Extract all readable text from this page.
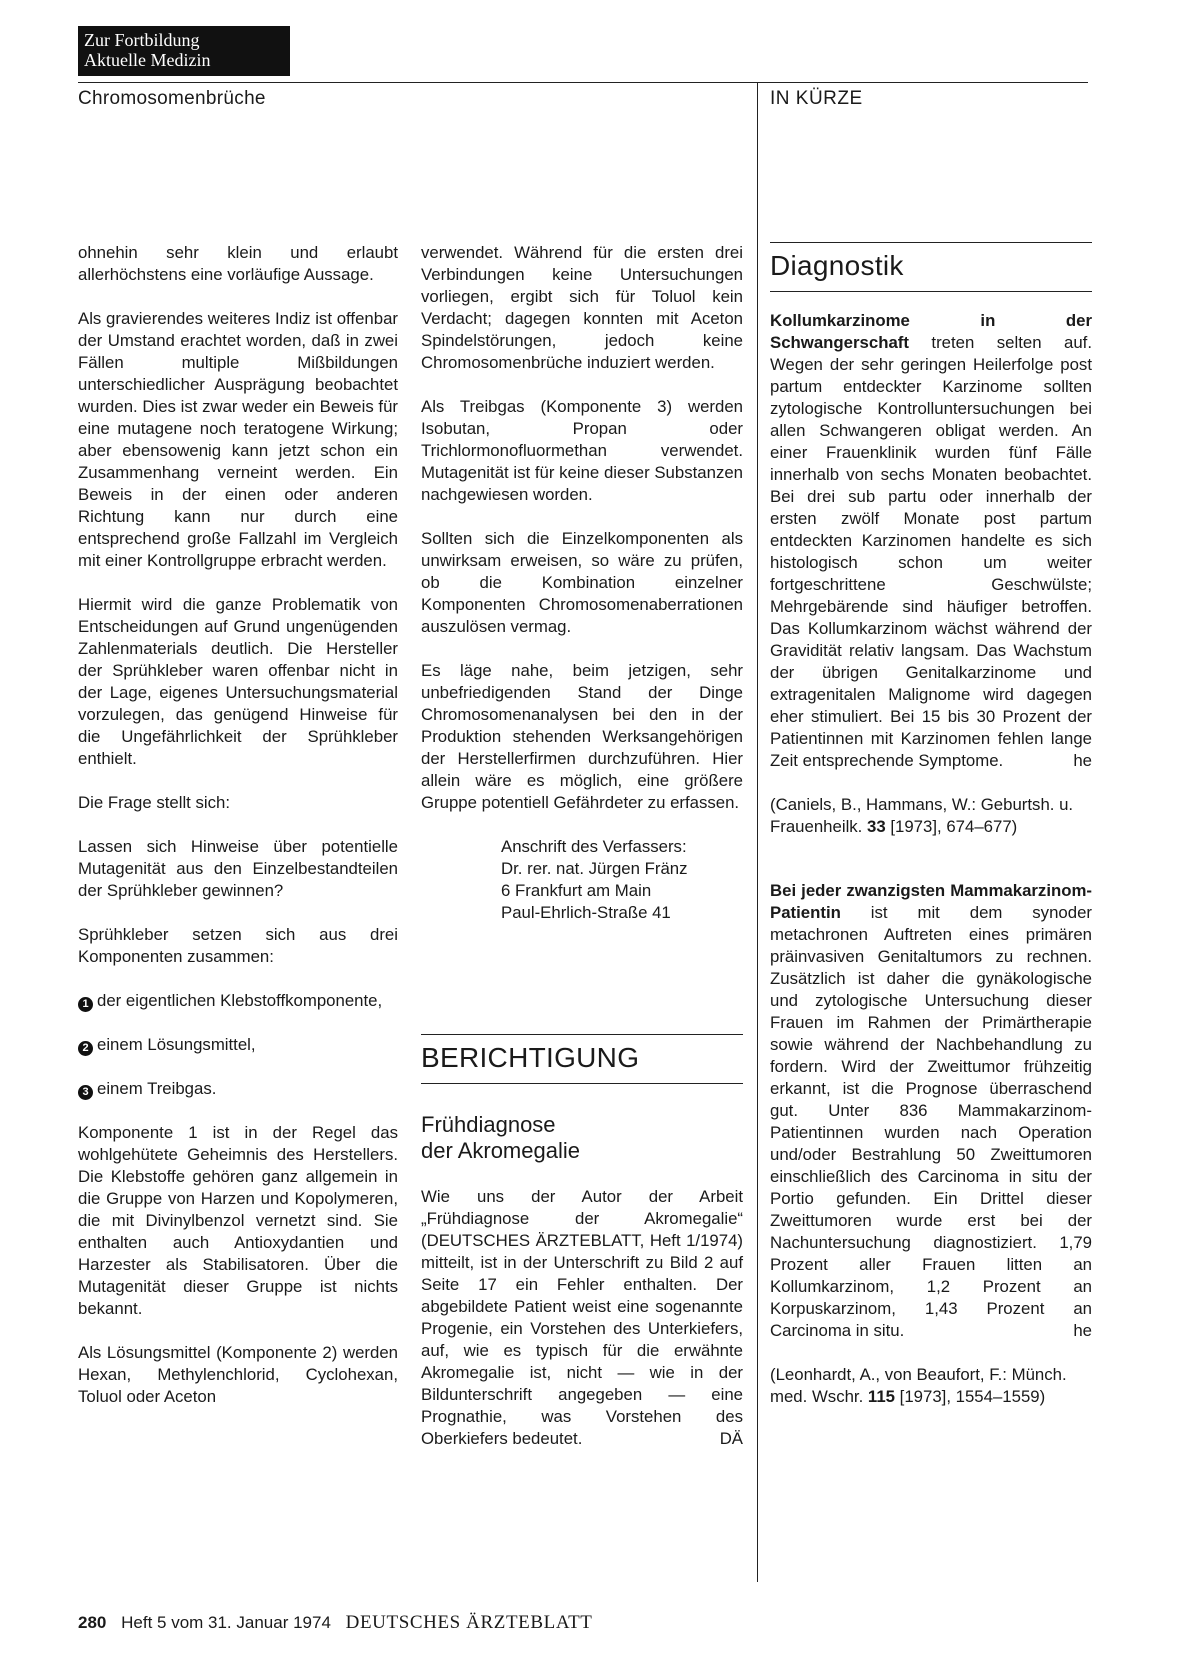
Zur Fortbildung
Aktuelle Medizin
Chromosomenbrüche	IN KÜRZE

ohnehin sehr klein und erlaubt allerhöchstens eine vorläufige Aussage.

Als gravierendes weiteres Indiz ist offenbar der Umstand erachtet worden, daß in zwei Fällen multiple Mißbildungen unterschiedlicher Ausprägung beobachtet wurden. Dies ist zwar weder ein Beweis für eine mutagene noch teratogene Wirkung; aber ebensowenig kann jetzt schon ein Zusammenhang verneint werden. Ein Beweis in der einen oder anderen Richtung kann nur durch eine entsprechend große Fallzahl im Vergleich mit einer Kontrollgruppe erbracht werden.

Hiermit wird die ganze Problematik von Entscheidungen auf Grund ungenügenden Zahlenmaterials deutlich. Die Hersteller der Sprühkleber waren offenbar nicht in der Lage, eigenes Untersuchungsmaterial vorzulegen, das genügend Hinweise für die Ungefährlichkeit der Sprühkleber enthielt.

Die Frage stellt sich:

Lassen sich Hinweise über potentielle Mutagenität aus den Einzelbestandteilen der Sprühkleber gewinnen?

Sprühkleber setzen sich aus drei Komponenten zusammen:

1 der eigentlichen Klebstoffkomponente,

2 einem Lösungsmittel,

3 einem Treibgas.

Komponente 1 ist in der Regel das wohlgehütete Geheimnis des Herstellers. Die Klebstoffe gehören ganz allgemein in die Gruppe von Harzen und Kopolymeren, die mit Divinylbenzol vernetzt sind. Sie enthalten auch Antioxydantien und Harzester als Stabilisatoren. Über die Mutagenität dieser Gruppe ist nichts bekannt.

Als Lösungsmittel (Komponente 2) werden Hexan, Methylenchlorid, Cyclohexan, Toluol oder Aceton

verwendet. Während für die ersten drei Verbindungen keine Untersuchungen vorliegen, ergibt sich für Toluol kein Verdacht; dagegen konnten mit Aceton Spindelstörungen, jedoch keine Chromosomenbrüche induziert werden.

Als Treibgas (Komponente 3) werden Isobutan, Propan oder Trichlormonofluormethan verwendet. Mutagenität ist für keine dieser Substanzen nachgewiesen worden.

Sollten sich die Einzelkomponenten als unwirksam erweisen, so wäre zu prüfen, ob die Kombination einzelner Komponenten Chromosomenaberrationen auszulösen vermag.

Es läge nahe, beim jetzigen, sehr unbefriedigenden Stand der Dinge Chromosomenanalysen bei den in der Produktion stehenden Werksangehörigen der Herstellerfirmen durchzuführen. Hier allein wäre es möglich, eine größere Gruppe potentiell Gefährdeter zu erfassen.

Anschrift des Verfassers:
Dr. rer. nat. Jürgen Fränz
6 Frankfurt am Main
Paul-Ehrlich-Straße 41
BERICHTIGUNG
Frühdiagnose
der Akromegalie

Wie uns der Autor der Arbeit „Frühdiagnose der Akromegalie“ (DEUTSCHES ÄRZTEBLATT, Heft 1/1974) mitteilt, ist in der Unterschrift zu Bild 2 auf Seite 17 ein Fehler enthalten. Der abgebildete Patient weist eine sogenannte Progenie, ein Vorstehen des Unterkiefers, auf, wie es typisch für die erwähnte Akromegalie ist, nicht — wie in der Bildunterschrift angegeben — eine Prognathie, was Vorstehen des Oberkiefers bedeutet.	DÄ

Diagnostik

Kollumkarzinome in der Schwangerschaft treten selten auf. Wegen der sehr geringen Heilerfolge post partum entdeckter Karzinome sollten zytologische Kontrolluntersuchungen bei allen Schwangeren obligat werden. An einer Frauenklinik wurden fünf Fälle innerhalb von sechs Monaten beobachtet. Bei drei sub partu oder innerhalb der ersten zwölf Monate post partum entdeckten Karzinomen handelte es sich histologisch schon um weiter fortgeschrittene Geschwülste; Mehrgebärende sind häufiger betroffen. Das Kollumkarzinom wächst während der Gravidität relativ langsam. Das Wachstum der übrigen Genitalkarzinome und extragenitalen Malignome wird dagegen eher stimuliert. Bei 15 bis 30 Prozent der Patientinnen mit Karzinomen fehlen lange Zeit entsprechende Symptome.	he

(Caniels, B., Hammans, W.: Geburtsh. u. Frauenheilk. 33 [1973], 674–677)

Bei jeder zwanzigsten Mammakarzinom-Patientin ist mit dem synoder metachronen Auftreten eines primären präinvasiven Genitaltumors zu rechnen. Zusätzlich ist daher die gynäkologische und zytologische Untersuchung dieser Frauen im Rahmen der Primärtherapie sowie während der Nachbehandlung zu fordern. Wird der Zweittumor frühzeitig erkannt, ist die Prognose überraschend gut. Unter 836 Mammakarzinom-Patientinnen wurden nach Operation und/oder Bestrahlung 50 Zweittumoren einschließlich des Carcinoma in situ der Portio gefunden. Ein Drittel dieser Zweittumoren wurde erst bei der Nachuntersuchung diagnostiziert. 1,79 Prozent aller Frauen litten an Kollumkarzinom, 1,2 Prozent an Korpuskarzinom, 1,43 Prozent an Carcinoma in situ.	he

(Leonhardt, A., von Beaufort, F.: Münch. med. Wschr. 115 [1973], 1554–1559)

280 Heft 5 vom 31. Januar 1974 DEUTSCHES ÄRZTEBLATT
